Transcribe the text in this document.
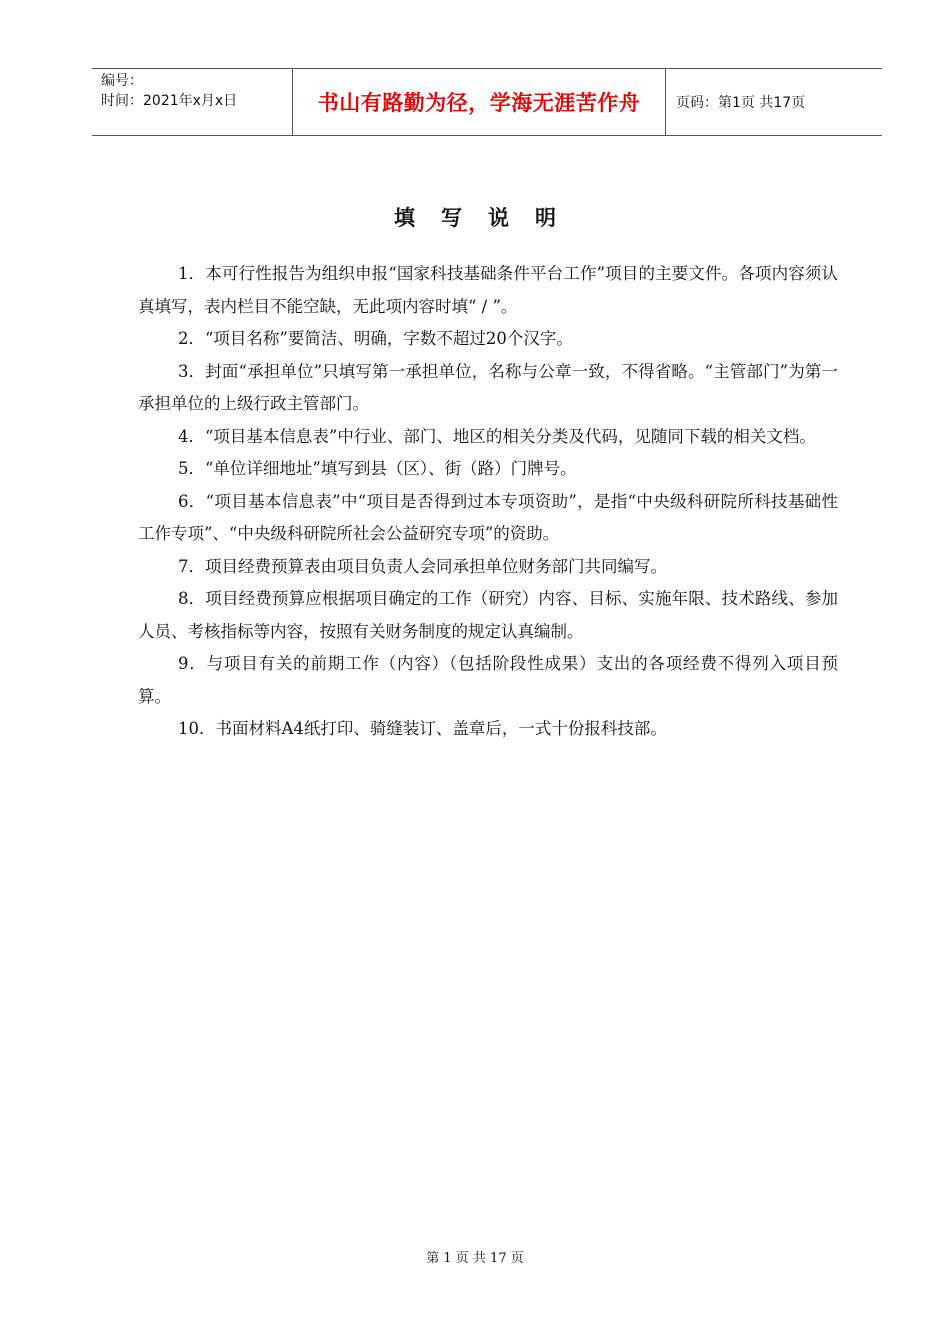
编号：
时间：2021年x月x日	书山有路勤为径，学海无涯苦作舟	页码：第1页 共17页
填写说明

1．本可行性报告为组织申报“国家科技基础条件平台工作”项目的主要文件。各项内容须认真填写，表内栏目不能空缺，无此项内容时填“ / ”。

2．“项目名称”要简洁、明确，字数不超过20个汉字。

3．封面“承担单位”只填写第一承担单位，名称与公章一致，不得省略。“主管部门”为第一承担单位的上级行政主管部门。

4．“项目基本信息表”中行业、部门、地区的相关分类及代码，见随同下载的相关文档。

5．“单位详细地址”填写到县（区）、街（路）门牌号。

6．“项目基本信息表”中“项目是否得到过本专项资助”，是指“中央级科研院所科技基础性工作专项”、“中央级科研院所社会公益研究专项”的资助。

7．项目经费预算表由项目负责人会同承担单位财务部门共同编写。

8．项目经费预算应根据项目确定的工作（研究）内容、目标、实施年限、技术路线、参加人员、考核指标等内容，按照有关财务制度的规定认真编制。

9．与项目有关的前期工作（内容）（包括阶段性成果）支出的各项经费不得列入项目预算。

10．书面材料A4纸打印、骑缝装订、盖章后，一式十份报科技部。

第 1 页 共 17 页
